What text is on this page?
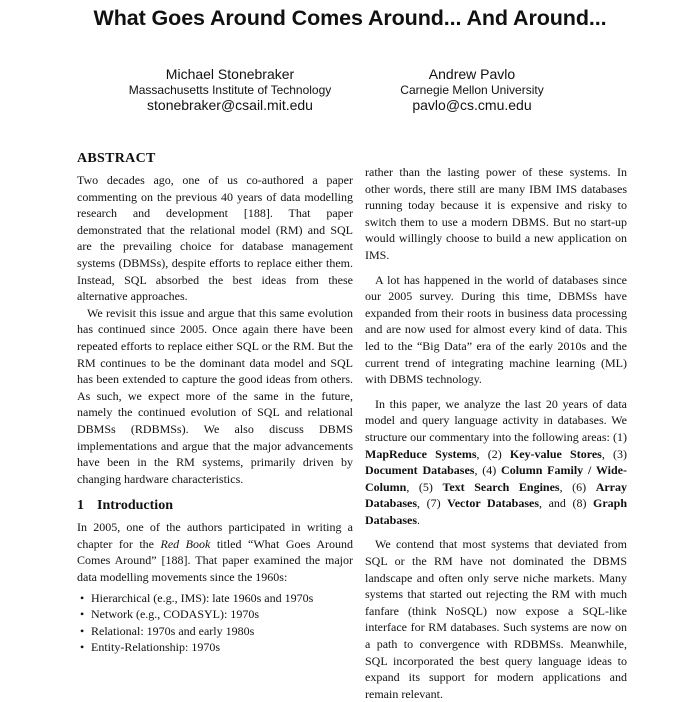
What Goes Around Comes Around... And Around...
Michael Stonebraker
Massachusetts Institute of Technology
stonebraker@csail.mit.edu
Andrew Pavlo
Carnegie Mellon University
pavlo@cs.cmu.edu
ABSTRACT

Two decades ago, one of us co-authored a paper commenting on the previous 40 years of data modelling research and development [188]. That paper demonstrated that the relational model (RM) and SQL are the prevailing choice for database management systems (DBMSs), despite efforts to replace either them. Instead, SQL absorbed the best ideas from these alternative approaches.

We revisit this issue and argue that this same evolution has continued since 2005. Once again there have been repeated efforts to replace either SQL or the RM. But the RM continues to be the dominant data model and SQL has been extended to capture the good ideas from others. As such, we expect more of the same in the future, namely the continued evolution of SQL and relational DBMSs (RDBMSs). We also discuss DBMS implementations and argue that the major advancements have been in the RM systems, primarily driven by changing hardware characteristics.

1 Introduction

In 2005, one of the authors participated in writing a chapter for the Red Book titled “What Goes Around Comes Around” [188]. That paper examined the major data modelling movements since the 1960s:

• Hierarchical (e.g., IMS): late 1960s and 1970s
• Network (e.g., CODASYL): 1970s
• Relational: 1970s and early 1980s
• Entity-Relationship: 1970s

rather than the lasting power of these systems. In other words, there still are many IBM IMS databases running today because it is expensive and risky to switch them to use a modern DBMS. But no start-up would willingly choose to build a new application on IMS.

A lot has happened in the world of databases since our 2005 survey. During this time, DBMSs have expanded from their roots in business data processing and are now used for almost every kind of data. This led to the “Big Data” era of the early 2010s and the current trend of integrating machine learning (ML) with DBMS technology.

In this paper, we analyze the last 20 years of data model and query language activity in databases. We structure our commentary into the following areas: (1) MapReduce Systems, (2) Key-value Stores, (3) Document Databases, (4) Column Family / Wide-Column, (5) Text Search Engines, (6) Array Databases, (7) Vector Databases, and (8) Graph Databases.

We contend that most systems that deviated from SQL or the RM have not dominated the DBMS landscape and often only serve niche markets. Many systems that started out rejecting the RM with much fanfare (think NoSQL) now expose a SQL-like interface for RM databases. Such systems are now on a path to convergence with RDBMSs. Meanwhile, SQL incorporated the best query language ideas to expand its support for modern applications and remain relevant.
